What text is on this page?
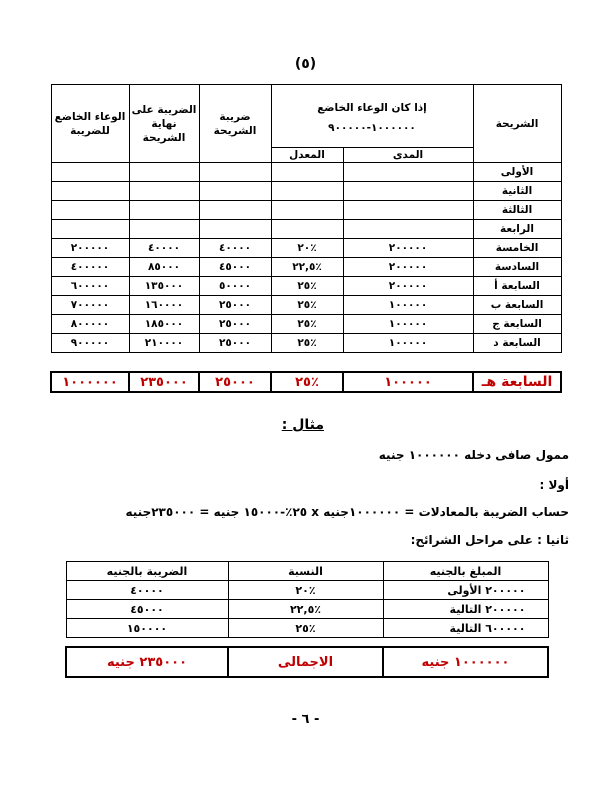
(٥)
الشريحة	إذا كان الوعاء الخاضع
١٠٠٠٠٠٠-٩٠٠٠٠٠		ضريبة الشريحة	الضريبة على نهاية الشريحة	الوعاء الخاضع للضريبة
	المدى	المعدل			
الأولى					
الثانية					
الثالثة					
الرابعة					
الخامسة	٢٠٠٠٠٠	٪٢٠	٤٠٠٠٠	٤٠٠٠٠	٢٠٠٠٠٠
السادسة	٢٠٠٠٠٠	٪٢٢,٥	٤٥٠٠٠	٨٥٠٠٠	٤٠٠٠٠٠
السابعة أ	٢٠٠٠٠٠	٪٢٥	٥٠٠٠٠	١٣٥٠٠٠	٦٠٠٠٠٠
السابعة ب	١٠٠٠٠٠	٪٢٥	٢٥٠٠٠	١٦٠٠٠٠	٧٠٠٠٠٠
السابعة ج	١٠٠٠٠٠	٪٢٥	٢٥٠٠٠	١٨٥٠٠٠	٨٠٠٠٠٠
السابعة د	١٠٠٠٠٠	٪٢٥	٢٥٠٠٠	٢١٠٠٠٠	٩٠٠٠٠٠

السابعة هـ	١٠٠٠٠٠	٪٢٥	٢٥٠٠٠	٢٣٥٠٠٠	١٠٠٠٠٠٠
مثال :
ممول صافى دخله ١٠٠٠٠٠٠ جنيه
أولا :
حساب الضريبة بالمعادلات = ١٠٠٠٠٠٠جنيه x ٢٥٪-١٥٠٠٠ جنيه = ٢٣٥٠٠٠جنيه
ثانيا : على مراحل الشرائح:
المبلغ بالجنيه	النسبة	الضريبة بالجنيه
٢٠٠٠٠٠ الأولى	٪٢٠	٤٠٠٠٠
٢٠٠٠٠٠ التالية	٪٢٢,٥	٤٥٠٠٠
٦٠٠٠٠٠ التالية	٪٢٥	١٥٠٠٠٠

١٠٠٠٠٠٠ جنيه	الاجمالى	٢٣٥٠٠٠ جنيه
- ٦ -
